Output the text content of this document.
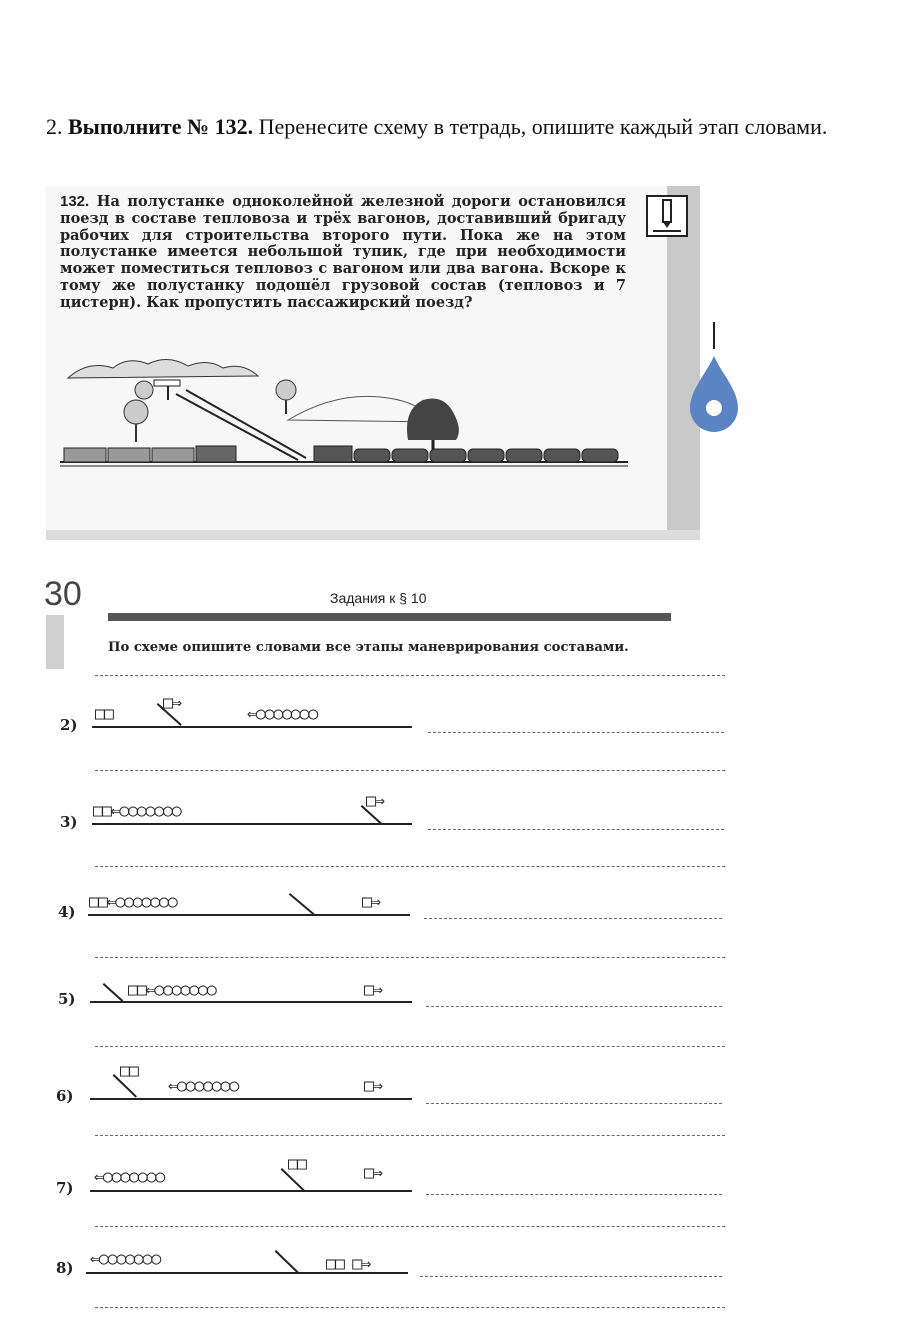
2. Выполните № 132. Перенесите схему в тетрадь, опишите каждый этап словами.
132. На полустанке одноколейной железной дороги остановился поезд в составе тепловоза и трёх вагонов, доставивший бригаду рабочих для строительства второго пути. Пока же на этом полустанке имеется небольшой тупик, где при необходимости может поместиться тепловоз с вагоном или два вагона. Вскоре к тому же полустанку подошёл грузовой состав (тепловоз и 7 цистерн). Как пропустить пассажирский поезд?
30	Задания к § 10
По схеме опишите словами все этапы маневрирования составами.
2)
□□
□⇒
⇐○○○○○○○
3)
□□⇐○○○○○○○	□⇒
4) □□⇐○○○○○○○	□⇒
5)	□□⇐○○○○○○○	□⇒
6)
□□
⇐○○○○○○○	□⇒
7)
⇐○○○○○○○
□□	□⇒
8) ⇐○○○○○○○	□□ □⇒
